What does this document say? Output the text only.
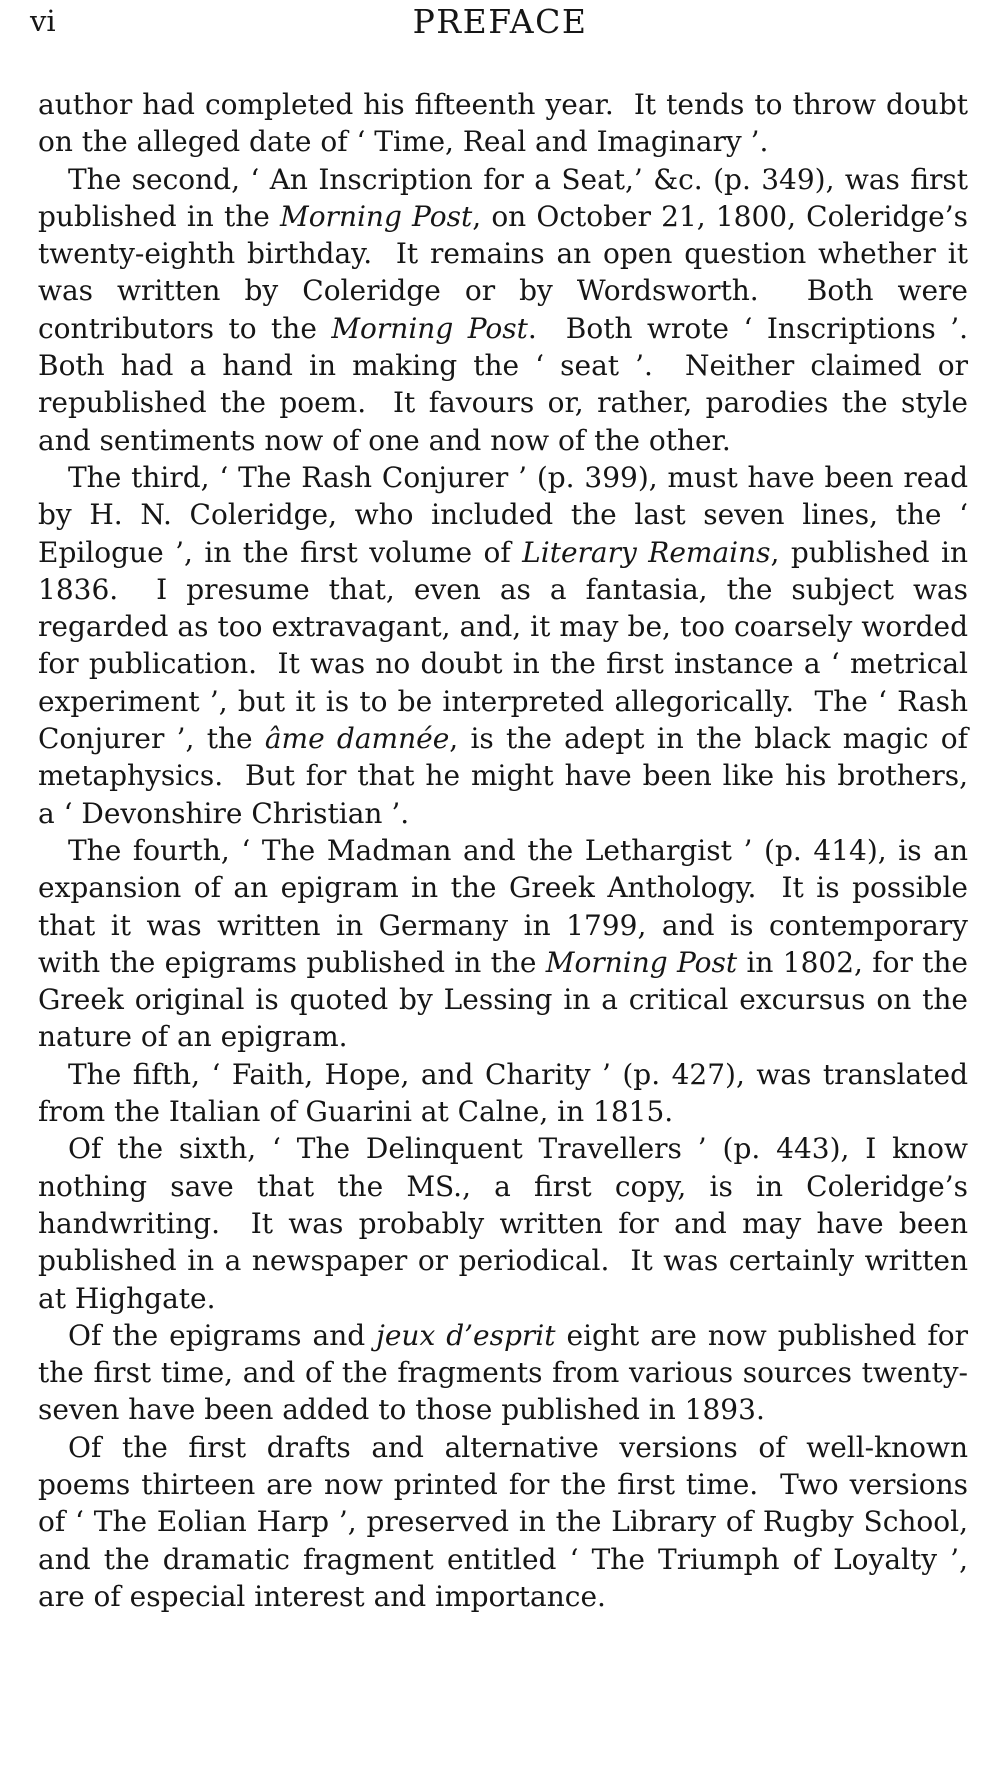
vi	PREFACE

author had completed his fifteenth year.  It tends to throw doubt on the alleged date of ‘ Time, Real and Imaginary ’.

The second, ‘ An Inscription for a Seat,’ &c. (p. 349), was first published in the Morning Post, on October 21, 1800, Coleridge’s twenty-eighth birthday.  It remains an open question whether it was written by Coleridge or by Wordsworth.  Both were contributors to the Morning Post.  Both wrote ‘ Inscriptions ’. Both had a hand in making the ‘ seat ’.  Neither claimed or republished the poem.  It favours or, rather, parodies the style and sentiments now of one and now of the other.

The third, ‘ The Rash Conjurer ’ (p. 399), must have been read by H. N. Coleridge, who included the last seven lines, the ‘ Epilogue ’, in the first volume of Literary Remains, published in 1836.  I presume that, even as a fantasia, the subject was regarded as too extravagant, and, it may be, too coarsely worded for publication.  It was no doubt in the first instance a ‘ metrical experiment ’, but it is to be interpreted allegorically.  The ‘ Rash Conjurer ’, the âme damnée, is the adept in the black magic of metaphysics.  But for that he might have been like his brothers, a ‘ Devonshire Christian ’.

The fourth, ‘ The Madman and the Lethargist ’ (p. 414), is an expansion of an epigram in the Greek Anthology.  It is possible that it was written in Germany in 1799, and is contemporary with the epigrams published in the Morning Post in 1802, for the Greek original is quoted by Lessing in a critical excursus on the nature of an epigram.

The fifth, ‘ Faith, Hope, and Charity ’ (p. 427), was translated from the Italian of Guarini at Calne, in 1815.

Of the sixth, ‘ The Delinquent Travellers ’ (p. 443), I know nothing save that the MS., a first copy, is in Coleridge’s handwriting.  It was probably written for and may have been published in a newspaper or periodical.  It was certainly written at Highgate.

Of the epigrams and jeux d’esprit eight are now published for the first time, and of the fragments from various sources twenty-seven have been added to those published in 1893.

Of the first drafts and alternative versions of well-known poems thirteen are now printed for the first time.  Two versions of ‘ The Eolian Harp ’, preserved in the Library of Rugby School, and the dramatic fragment entitled ‘ The Triumph of Loyalty ’, are of especial interest and importance.
